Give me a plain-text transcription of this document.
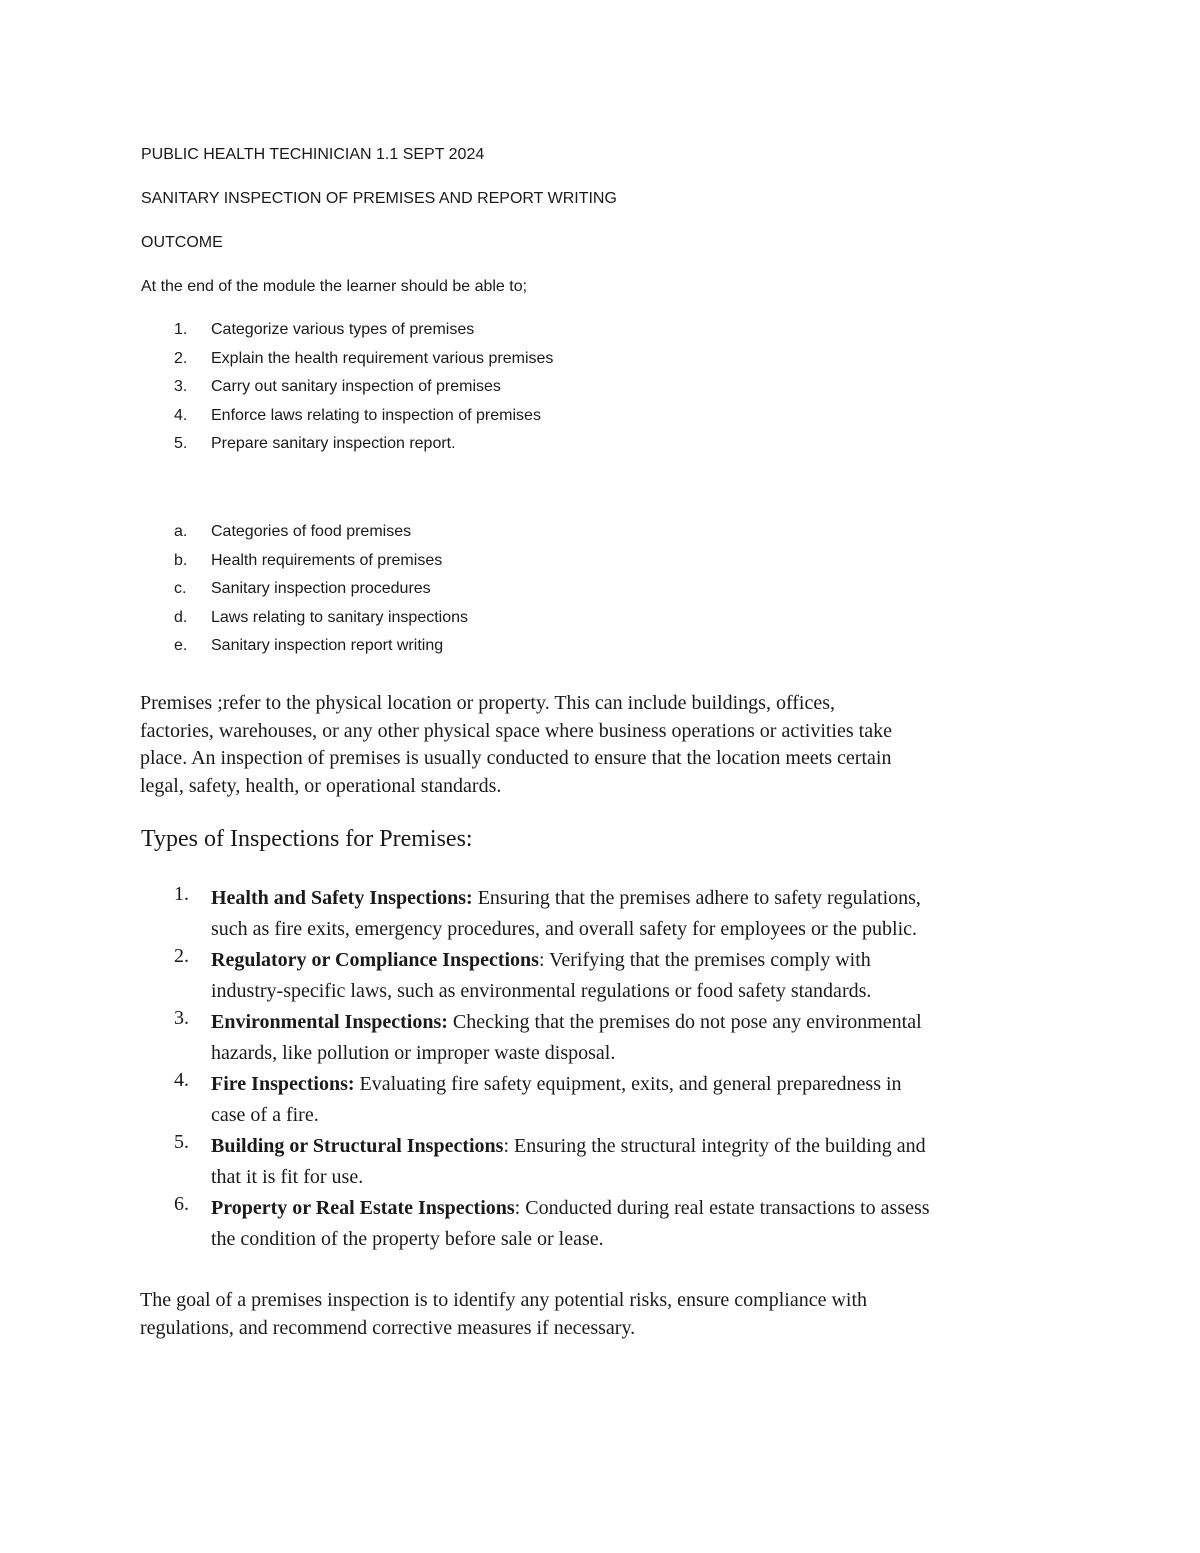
PUBLIC HEALTH TECHINICIAN 1.1 SEPT 2024

SANITARY INSPECTION OF PREMISES AND REPORT WRITING

OUTCOME

At the end of the module the learner should be able to;

1. Categorize various types of premises
2. Explain the health requirement various premises
3. Carry out sanitary inspection of premises
4. Enforce laws relating to inspection of premises
5. Prepare sanitary inspection report.
a. Categories of food premises
b. Health requirements of premises
c. Sanitary inspection procedures
d. Laws relating to sanitary inspections
e. Sanitary inspection report writing
Premises ;refer to the physical location or property. This can include buildings, offices,
factories, warehouses, or any other physical space where business operations or activities take
place. An inspection of premises is usually conducted to ensure that the location meets certain
legal, safety, health, or operational standards.
Types of Inspections for Premises:
1. Health and Safety Inspections: Ensuring that the premises adhere to safety regulations,
such as fire exits, emergency procedures, and overall safety for employees or the public.
2. Regulatory or Compliance Inspections: Verifying that the premises comply with
industry-specific laws, such as environmental regulations or food safety standards.
3. Environmental Inspections: Checking that the premises do not pose any environmental
hazards, like pollution or improper waste disposal.
4. Fire Inspections: Evaluating fire safety equipment, exits, and general preparedness in
case of a fire.
5. Building or Structural Inspections: Ensuring the structural integrity of the building and
that it is fit for use.
6. Property or Real Estate Inspections: Conducted during real estate transactions to assess
the condition of the property before sale or lease.
The goal of a premises inspection is to identify any potential risks, ensure compliance with
regulations, and recommend corrective measures if necessary.
